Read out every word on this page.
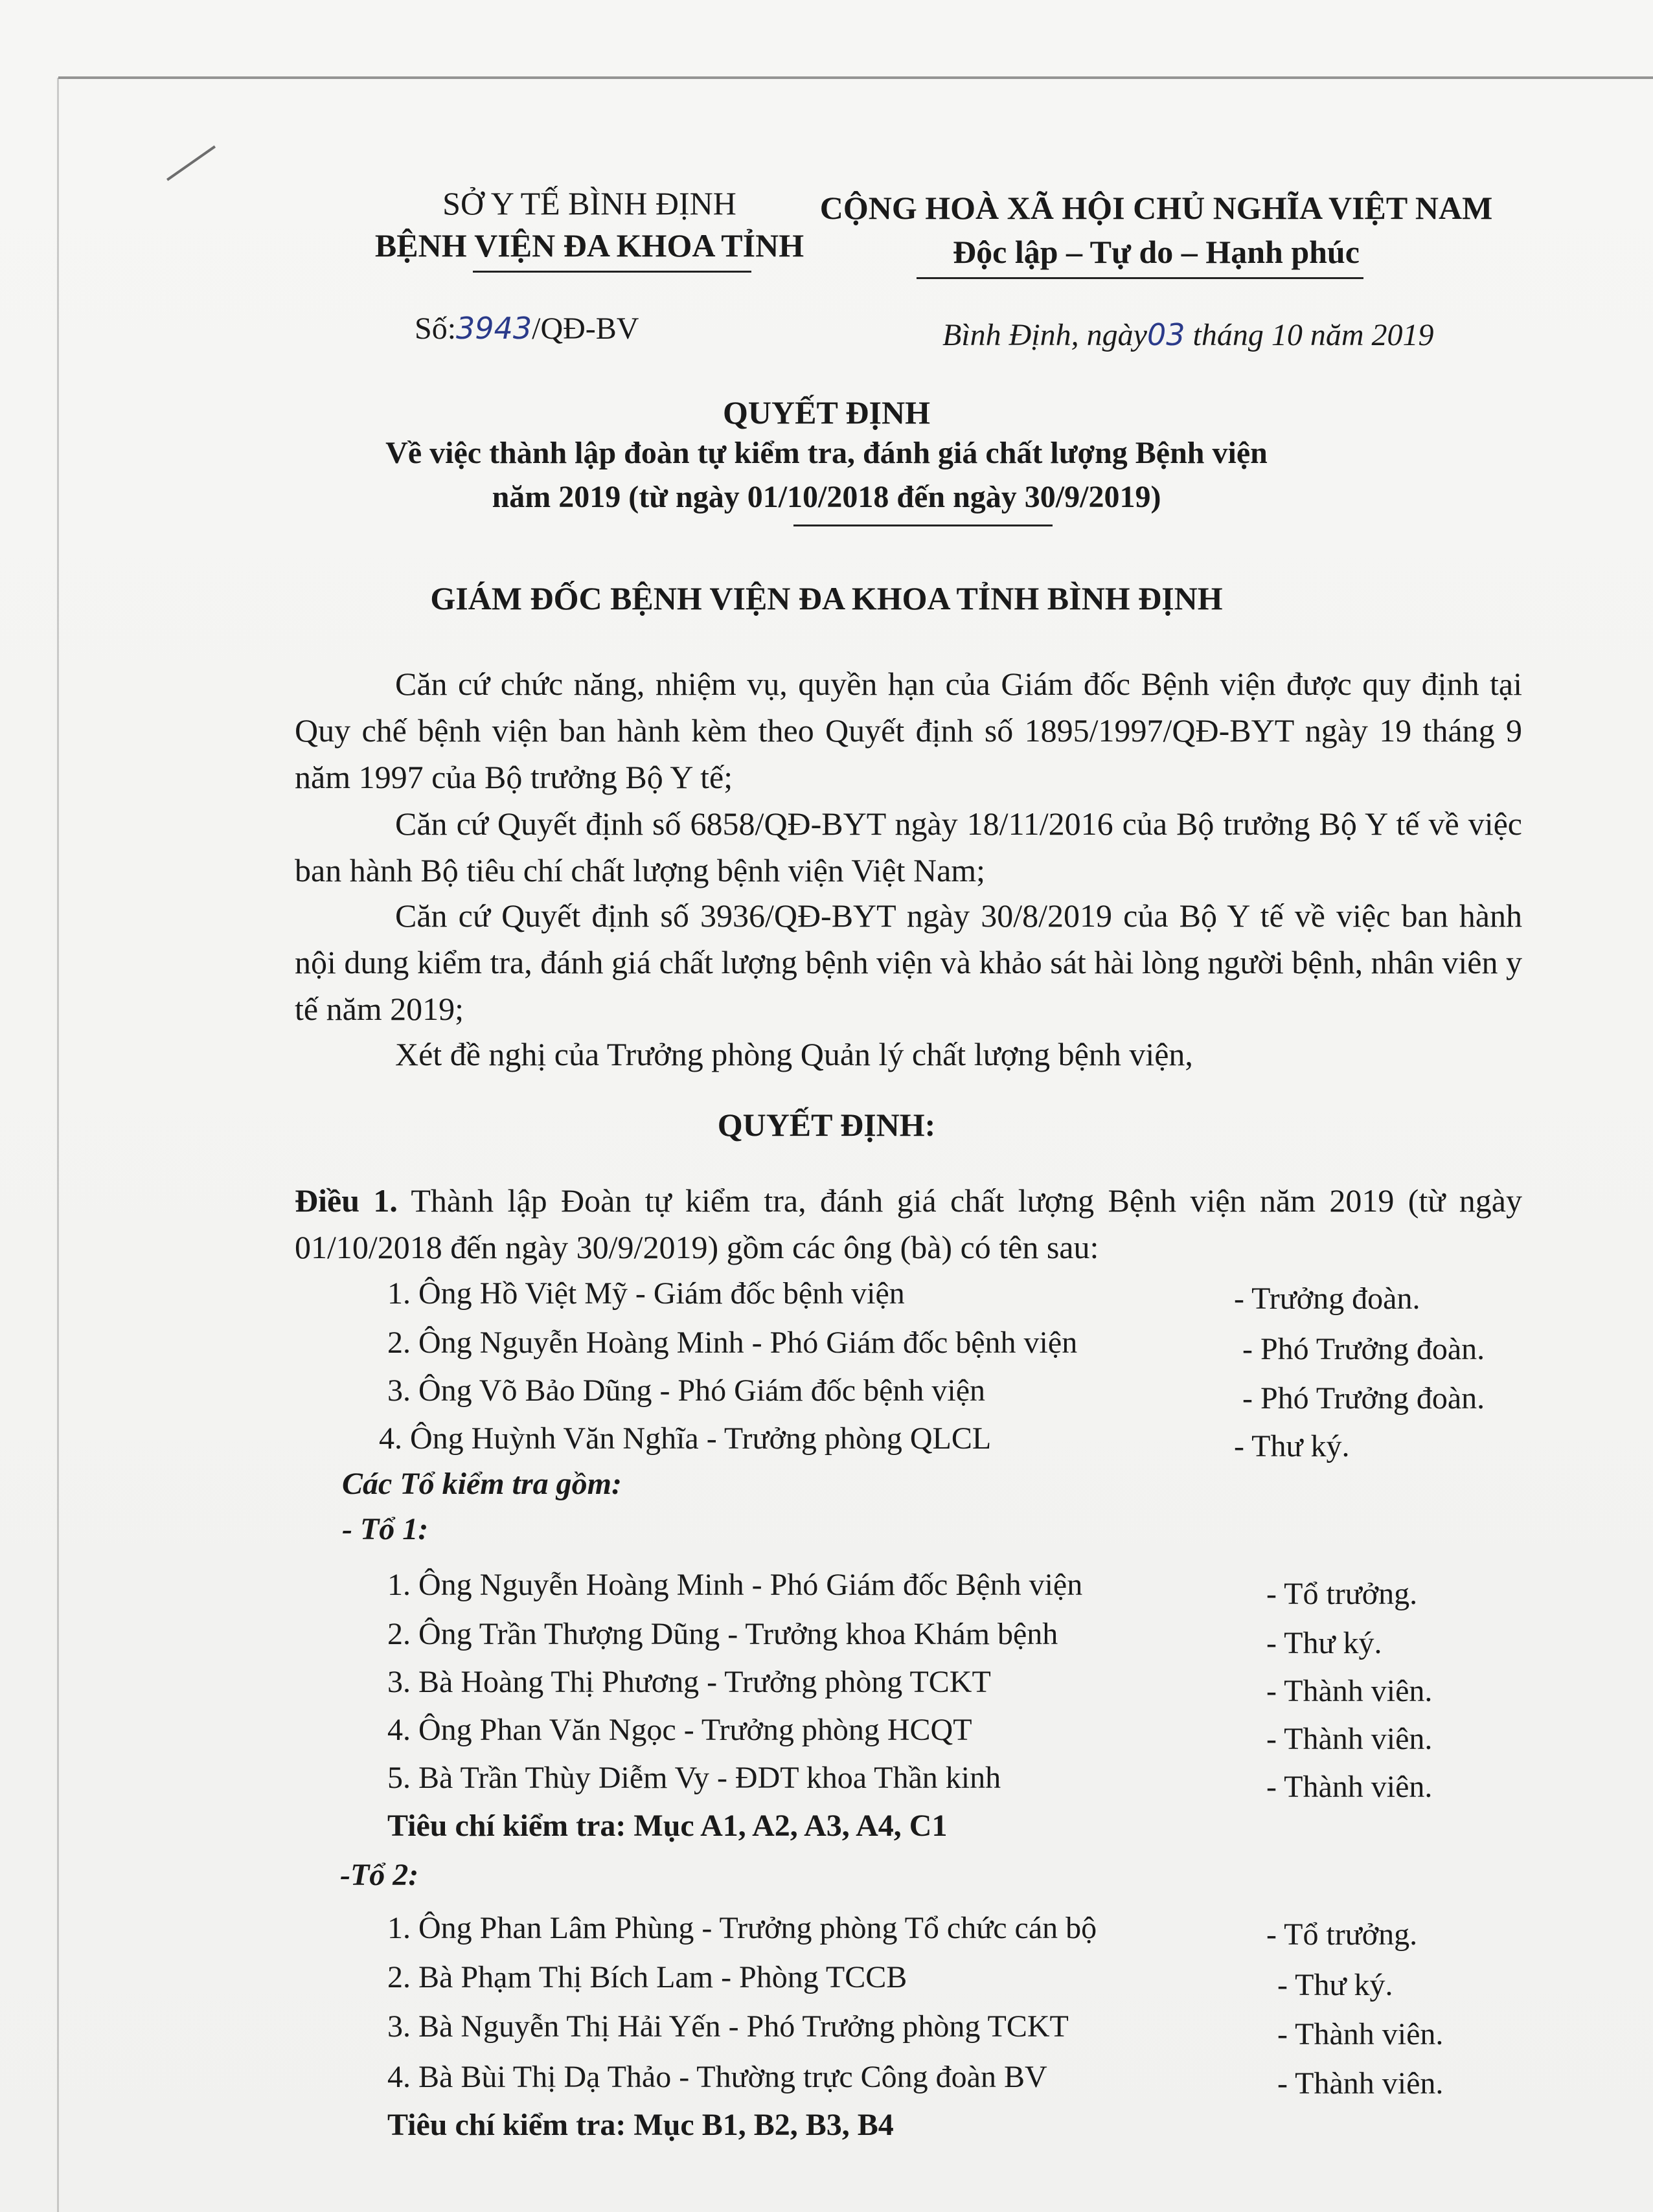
SỞ Y TẾ BÌNH ĐỊNH
BỆNH VIỆN ĐA KHOA TỈNH
CỘNG HOÀ XÃ HỘI CHỦ NGHĨA VIỆT NAM
Độc lập – Tự do – Hạnh phúc
Số:3943/QĐ-BV	Bình Định, ngày03 tháng 10 năm 2019
QUYẾT ĐỊNH
Về việc thành lập đoàn tự kiểm tra, đánh giá chất lượng Bệnh viện
năm 2019 (từ ngày 01/10/2018 đến ngày 30/9/2019)
GIÁM ĐỐC BỆNH VIỆN ĐA KHOA TỈNH BÌNH ĐỊNH
Căn cứ chức năng, nhiệm vụ, quyền hạn của Giám đốc Bệnh viện được quy định tại Quy chế bệnh viện ban hành kèm theo Quyết định số 1895/1997/QĐ-BYT ngày 19 tháng 9 năm 1997 của Bộ trưởng Bộ Y tế;
Căn cứ Quyết định số 6858/QĐ-BYT ngày 18/11/2016 của Bộ trưởng Bộ Y tế về việc ban hành Bộ tiêu chí chất lượng bệnh viện Việt Nam;
Căn cứ Quyết định số 3936/QĐ-BYT ngày 30/8/2019 của Bộ Y tế về việc ban hành nội dung kiểm tra, đánh giá chất lượng bệnh viện và khảo sát hài lòng người bệnh, nhân viên y tế năm 2019;
Xét đề nghị của Trưởng phòng Quản lý chất lượng bệnh viện,
QUYẾT ĐỊNH:
Điều 1. Thành lập Đoàn tự kiểm tra, đánh giá chất lượng Bệnh viện năm 2019 (từ ngày 01/10/2018 đến ngày 30/9/2019) gồm các ông (bà) có tên sau:
1. Ông Hồ Việt Mỹ - Giám đốc bệnh viện	- Trưởng đoàn.
2. Ông Nguyễn Hoàng Minh - Phó Giám đốc bệnh viện	- Phó Trưởng đoàn.
3. Ông Võ Bảo Dũng - Phó Giám đốc bệnh viện	- Phó Trưởng đoàn.
4. Ông Huỳnh Văn Nghĩa - Trưởng phòng QLCL	- Thư ký.
Các Tổ kiểm tra gồm:
- Tổ 1:
1. Ông Nguyễn Hoàng Minh - Phó Giám đốc Bệnh viện	- Tổ trưởng.
2. Ông Trần Thượng Dũng - Trưởng khoa Khám bệnh	- Thư ký.
3. Bà Hoàng Thị Phương - Trưởng phòng TCKT	- Thành viên.
4. Ông Phan Văn Ngọc - Trưởng phòng HCQT	- Thành viên.
5. Bà Trần Thùy Diễm Vy - ĐDT khoa Thần kinh	- Thành viên.
Tiêu chí kiểm tra: Mục A1, A2, A3, A4, C1
-Tổ 2:
1. Ông Phan Lâm Phùng - Trưởng phòng Tổ chức cán bộ	- Tổ trưởng.
2. Bà Phạm Thị Bích Lam - Phòng TCCB	- Thư ký.
3. Bà Nguyễn Thị Hải Yến - Phó Trưởng phòng TCKT	- Thành viên.
4. Bà Bùi Thị Dạ Thảo - Thường trực Công đoàn BV	- Thành viên.
Tiêu chí kiểm tra: Mục B1, B2, B3, B4
